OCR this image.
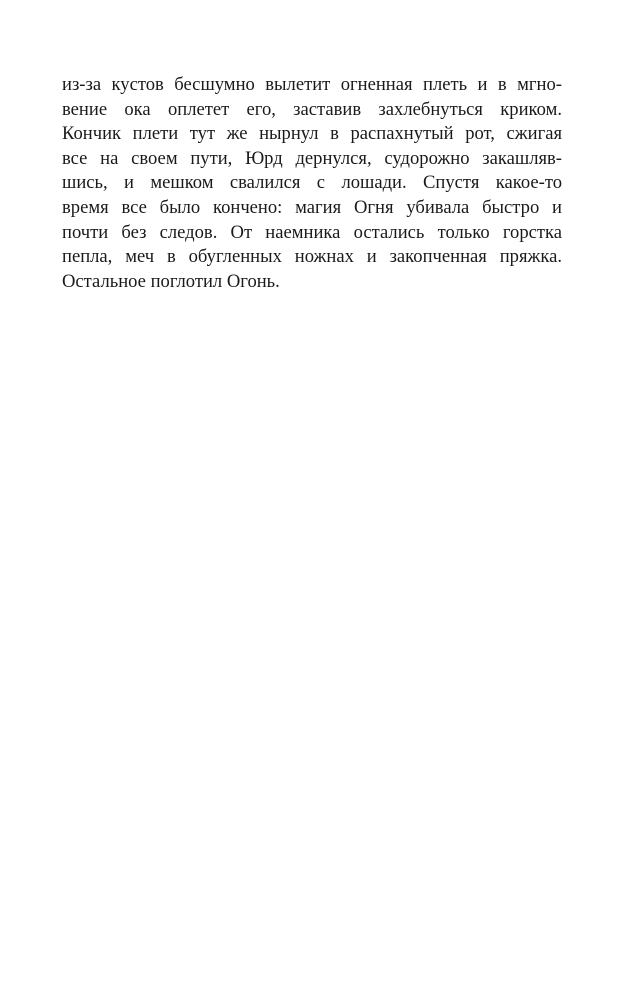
из-за кустов бесшумно вылетит огненная плеть и в мгно-
вение ока оплетет его, заставив захлебнуться криком.
Кончик плети тут же нырнул в распахнутый рот, сжигая
все на своем пути, Юрд дернулся, судорожно закашляв-
шись, и мешком свалился с лошади. Спустя какое-то
время все было кончено: магия Огня убивала быстро и
почти без следов. От наемника остались только горстка
пепла, меч в обугленных ножнах и закопченная пряжка.
Остальное поглотил Огонь.
